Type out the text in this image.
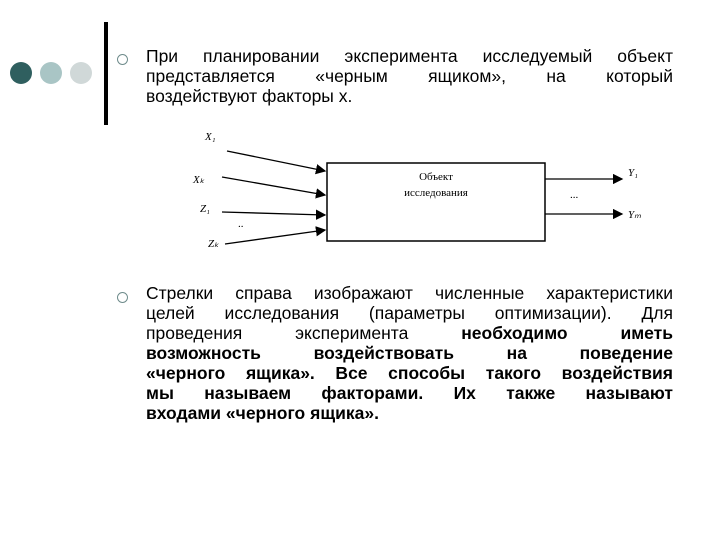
При планировании эксперимента исследуемый объект
представляется «черным ящиком», на который
воздействуют факторы x.

Объект
исследования
X₁
Xₖ
Z₁
Zₖ
..
Y₁
Yₘ
...

Стрелки справа изображают численные характеристики
целей исследования (параметры оптимизации). Для
проведения эксперимента необходимо иметь
возможность воздействовать на поведение
«черного ящика». Все способы такого воздействия
мы называем факторами. Их также называют
входами «черного ящика».
